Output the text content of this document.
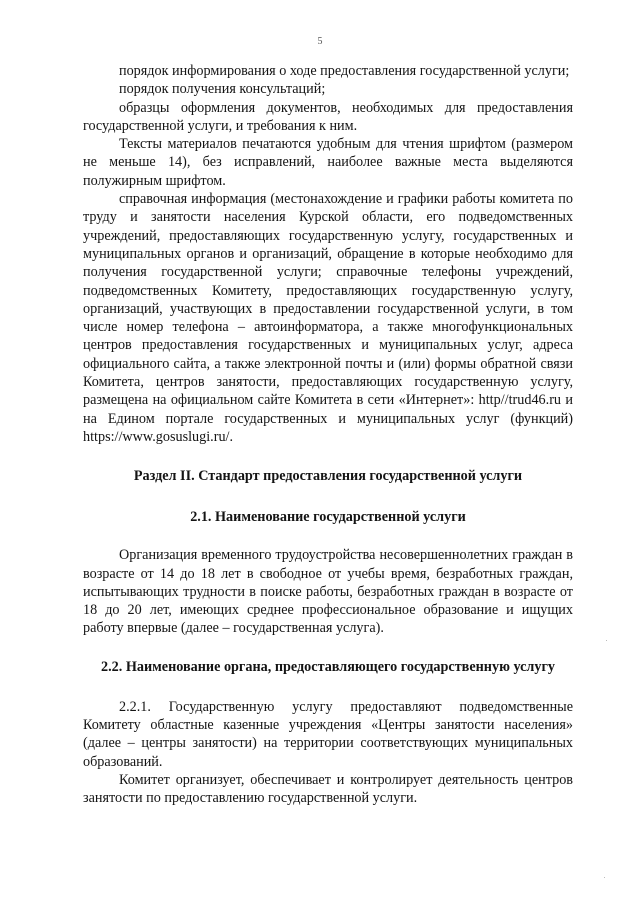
5

порядок информирования о ходе предоставления государственной услуги;

порядок получения консультаций;

образцы оформления документов, необходимых для предоставления государственной услуги, и требования к ним.

Тексты материалов печатаются удобным для чтения шрифтом (размером не меньше 14), без исправлений, наиболее важные места выделяются полужирным шрифтом.

справочная информация (местонахождение и графики работы комитета по труду и занятости населения Курской области, его подведомственных учреждений, предоставляющих государственную услугу, государственных и муниципальных органов и организаций, обращение в которые необходимо для получения государственной услуги; справочные телефоны учреждений, подведомственных Комитету, предоставляющих государственную услугу, организаций, участвующих в предоставлении государственной услуги, в том числе номер телефона – автоинформатора, а также многофункциональных центров предоставления государственных и муниципальных услуг, адреса официального сайта, а также электронной почты и (или) формы обратной связи Комитета, центров занятости, предоставляющих государственную услугу, размещена на официальном сайте Комитета в сети «Интернет»: http//trud46.ru и на Едином портале государственных и муниципальных услуг (функций) https://www.gosuslugi.ru/.

Раздел II. Стандарт предоставления государственной услуги
2.1. Наименование государственной услуги

Организация временного трудоустройства несовершеннолетних граждан в возрасте от 14 до 18 лет в свободное от учебы время, безработных граждан, испытывающих трудности в поиске работы, безработных граждан в возрасте от 18 до 20 лет, имеющих среднее профессиональное образование и ищущих работу впервые (далее – государственная услуга).

2.2. Наименование органа, предоставляющего государственную услугу

2.2.1. Государственную услугу предоставляют подведомственные Комитету областные казенные учреждения «Центры занятости населения» (далее – центры занятости) на территории соответствующих муниципальных образований.

Комитет организует, обеспечивает и контролирует деятельность центров занятости по предоставлению государственной услуги.
